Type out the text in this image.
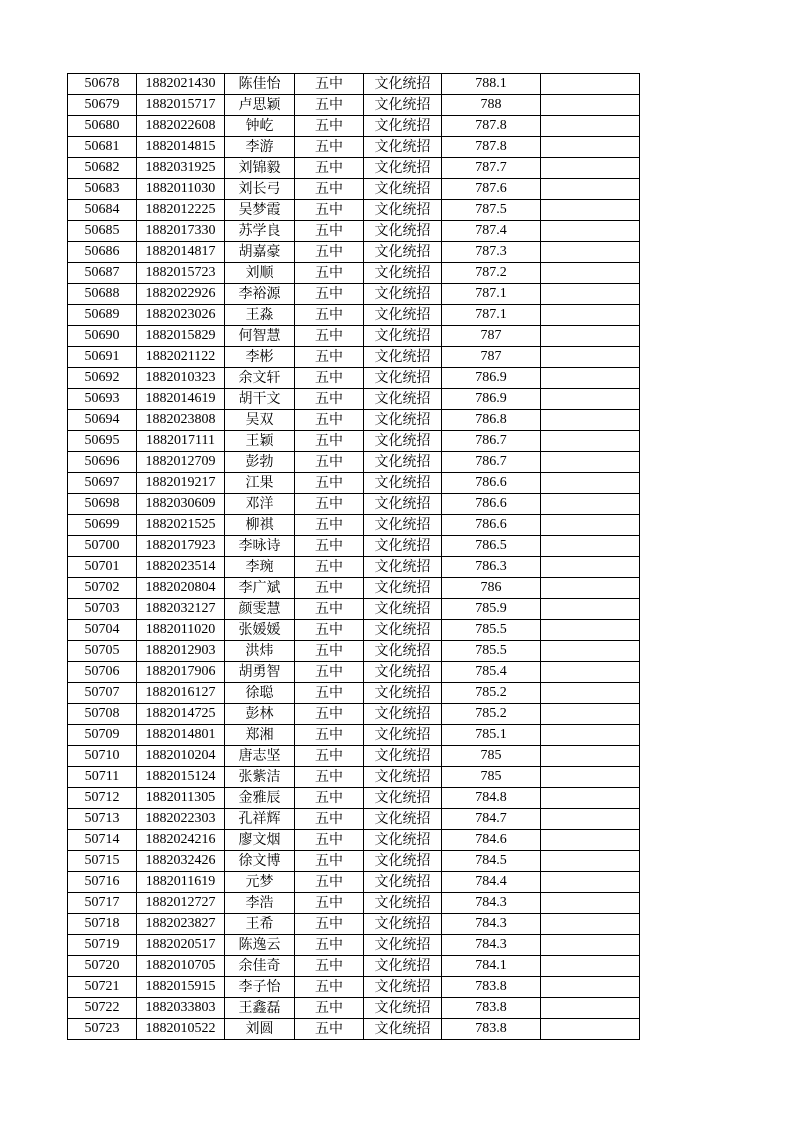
50678	1882021430	陈佳怡	五中	文化统招	788.1	
50679	1882015717	卢思颖	五中	文化统招	788	
50680	1882022608	钟屹	五中	文化统招	787.8	
50681	1882014815	李游	五中	文化统招	787.8	
50682	1882031925	刘锦毅	五中	文化统招	787.7	
50683	1882011030	刘长弓	五中	文化统招	787.6	
50684	1882012225	吴梦霞	五中	文化统招	787.5	
50685	1882017330	苏学良	五中	文化统招	787.4	
50686	1882014817	胡嘉豪	五中	文化统招	787.3	
50687	1882015723	刘顺	五中	文化统招	787.2	
50688	1882022926	李裕源	五中	文化统招	787.1	
50689	1882023026	王淼	五中	文化统招	787.1	
50690	1882015829	何智慧	五中	文化统招	787	
50691	1882021122	李彬	五中	文化统招	787	
50692	1882010323	余文轩	五中	文化统招	786.9	
50693	1882014619	胡干文	五中	文化统招	786.9	
50694	1882023808	吴双	五中	文化统招	786.8	
50695	1882017111	王颖	五中	文化统招	786.7	
50696	1882012709	彭勃	五中	文化统招	786.7	
50697	1882019217	江果	五中	文化统招	786.6	
50698	1882030609	邓洋	五中	文化统招	786.6	
50699	1882021525	柳祺	五中	文化统招	786.6	
50700	1882017923	李咏诗	五中	文化统招	786.5	
50701	1882023514	李琬	五中	文化统招	786.3	
50702	1882020804	李广斌	五中	文化统招	786	
50703	1882032127	颜雯慧	五中	文化统招	785.9	
50704	1882011020	张媛媛	五中	文化统招	785.5	
50705	1882012903	洪炜	五中	文化统招	785.5	
50706	1882017906	胡勇智	五中	文化统招	785.4	
50707	1882016127	徐聪	五中	文化统招	785.2	
50708	1882014725	彭林	五中	文化统招	785.2	
50709	1882014801	郑湘	五中	文化统招	785.1	
50710	1882010204	唐志坚	五中	文化统招	785	
50711	1882015124	张紫洁	五中	文化统招	785	
50712	1882011305	金雅辰	五中	文化统招	784.8	
50713	1882022303	孔祥辉	五中	文化统招	784.7	
50714	1882024216	廖文烟	五中	文化统招	784.6	
50715	1882032426	徐文博	五中	文化统招	784.5	
50716	1882011619	元梦	五中	文化统招	784.4	
50717	1882012727	李浩	五中	文化统招	784.3	
50718	1882023827	王希	五中	文化统招	784.3	
50719	1882020517	陈逸云	五中	文化统招	784.3	
50720	1882010705	余佳奇	五中	文化统招	784.1	
50721	1882015915	李子怡	五中	文化统招	783.8	
50722	1882033803	王鑫磊	五中	文化统招	783.8	
50723	1882010522	刘圆	五中	文化统招	783.8	
